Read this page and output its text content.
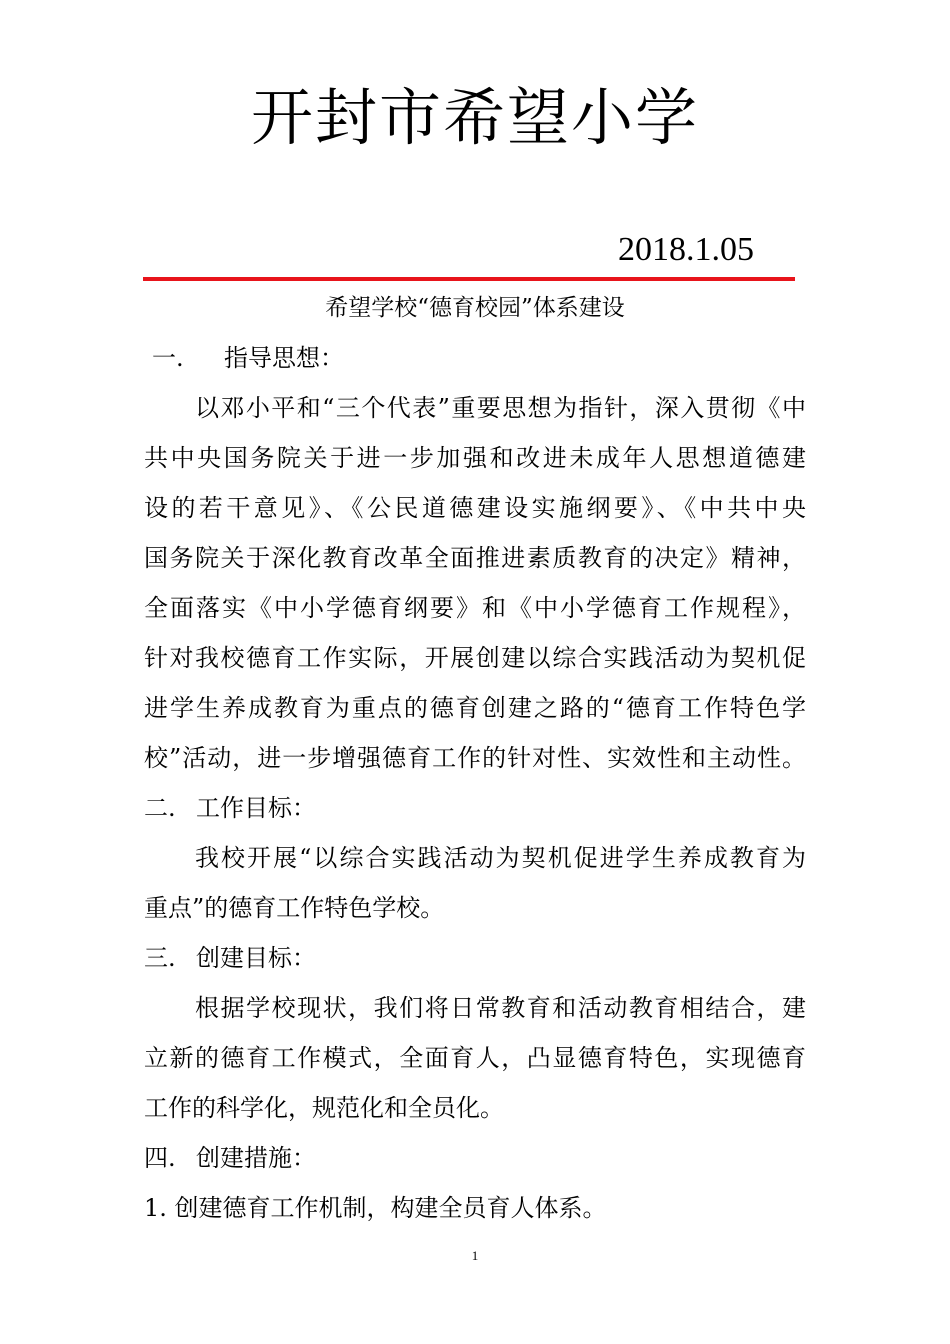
开封市希望小学
2018.1.05
希望学校“德育校园”体系建设
一. 指导思想：
以邓小平和“三个代表”重要思想为指针，深入贯彻《中
共中央国务院关于进一步加强和改进未成年人思想道德建
设的若干意见》、《公民道德建设实施纲要》、《中共中央
国务院关于深化教育改革全面推进素质教育的决定》精神，
全面落实《中小学德育纲要》和《中小学德育工作规程》，
针对我校德育工作实际，开展创建以综合实践活动为契机促
进学生养成教育为重点的德育创建之路的“德育工作特色学
校”活动，进一步增强德育工作的针对性、实效性和主动性。
二. 工作目标：
我校开展“以综合实践活动为契机促进学生养成教育为
重点”的德育工作特色学校。
三. 创建目标：
根据学校现状，我们将日常教育和活动教育相结合，建
立新的德育工作模式，全面育人，凸显德育特色，实现德育
工作的科学化，规范化和全员化。
四. 创建措施：
1. 创建德育工作机制，构建全员育人体系。
1
